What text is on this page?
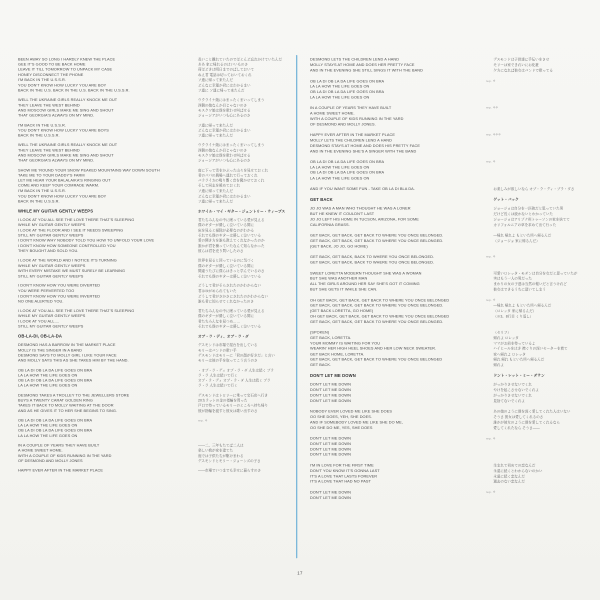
BEEN AWAY SO LONG I HARDLY KNEW THE PLACE
GEE IT'S GOOD TO BE BACK HOME
LEAVE IT TILL TOMORROW TO UNPACK MY CASE
HONEY DISCONNECT THE PHONE
I'M BACK IN THE U.S.S.R.
YOU DON'T KNOW HOW LUCKY YOU ARE BOY
BACK IN THE U.S. BACK IN THE U.S. BACK IN THE U.S.S.R.
長いこと離れていたのでほとんど忘れかけていたんだ
ああ 家に帰れるのはいいものさ
荷ほどきは明日までのばしておいて
ねえ君 電話は切っておいておくれ
ソ連に帰って来たんだ
どんなに幸運か君にはわかるまい
ソ連に ソ連に帰って来たんだ
WELL THE UKRAINE GIRLS REALLY KNOCK ME OUT
THEY LEAVE THE WEST BEHIND
AND MOSCOW GIRLS MAKE ME SING AND SHOUT
THAT GEORGIA'S ALWAYS ON MY MIND.
ウクライナ娘にはまったくまいってしまう
西側の娘なんか目じゃないのさ
モスクワ娘は僕を歌わせ叫ばせる
ジョージアがいつも心にあるのさ
I'M BACK IN THE U.S.S.R.
YOU DON'T KNOW HOW LUCKY YOU ARE BOYS
BACK IN THE U.S.S.R.
ソ連に帰って来たんだ
どんなに幸運か君にはわかるまい
ソ連に帰って来たんだ
WELL THE UKRAINE GIRLS REALLY KNOCK ME OUT
THEY LEAVE THE WEST BEHIND
AND MOSCOW GIRLS MAKE ME SING AND SHOUT
THAT GEORGIA'S ALWAYS ON MY MIND.
ウクライナ娘にはまったくまいってしまう
西側の娘なんか目じゃないのさ
モスクワ娘は僕を歌わせ叫ばせる
ジョージアがいつも心にあるのさ
SHOW ME 'ROUND YOUR SNOW PEAKED MOUNTAINS WAY DOWN SOUTH
TAKE ME TO YOUR DADDY'S FARM
LET ME HEAR YOUR BALALAIKA'S RINGING OUT
COME AND KEEP YOUR COMRADE WARM.
I'M BACK IN THE U.S.S.R.
YOU DON'T KNOW HOW LUCKY YOU ARE BOY
BACK IN THE U.S.S.R.
南に下って雪をかぶった山々を見せておくれ
君のパパの農場へ連れて行っておくれ
バラライカの鳴り響く音を聞かせておくれ
そして同志を暖めておくれ
ソ連に帰って来たんだ
どんなに幸運か君にはわかるまい
ソ連に帰って来たんだ
WHILE MY GUITAR GENTLY WEEPS	ホワイル・マイ・ギター・ジェントリー・ウィープス
I LOOK AT YOU ALL SEE THE LOVE THERE THAT'S SLEEPING
WHILE MY GUITAR GENTLY WEEPS
I LOOK AT THE FLOOR AND I SEE IT NEEDS SWEEPING
STILL MY GUITAR GENTLY WEEPS
I DON'T KNOW WHY NOBODY TOLD YOU HOW TO UNFOLD YOUR LOVE
I DON'T KNOW HOW SOMEONE CONTROLLED YOU
THEY BOUGHT AND SOLD YOU.
君たちみんなの中に眠っている愛が見える
僕のギターが優しく泣いている間に
床を見ると掃除が必要なのがわかる
それでも僕のギターは優しく泣いている
愛の開き方を誰も教えてくれなかったのか
誰かが君を操っていたなんて知らなかった
彼らは君を売り買いしたのさ
I LOOK AT THE WORLD AND I NOTICE IT'S TURNING
WHILE MY GUITAR GENTLY WEEPS
WITH EVERY MISTAKE WE MUST SURELY BE LEARNING
STILL MY GUITAR GENTLY WEEPS
世界を見ると回っているのに気づく
僕のギターが優しく泣いている間に
間違うたびに僕らはきっと学んでいるのさ
それでも僕のギターは優しく泣いている
I DON'T KNOW HOW YOU WERE DIVERTED
YOU WERE PERVERTED TOO
I DON'T KNOW HOW YOU WERE INVERTED
NO ONE ALERTED YOU.
どうして君がそらされたのかわからない
君はゆがめられてもいた
どうして君がさかさにされたのかわからない
誰も君に知らせてくれなかったのさ
I LOOK AT YOU ALL SEE THE LOVE THERE THAT'S SLEEPING
WHILE MY GUITAR GENTLY WEEPS
I LOOK AT YOU ALL....
STILL MY GUITAR GENTLY WEEPS
君たちみんなの中に眠っている愛が見える
僕のギターが優しく泣いている間に
君たちみんなを見つめ……
それでも僕のギターは優しく泣いている
OB-LA-DI, OB-LA-DA	オブ・ラ・ディ、オブ・ラ・ダ
DESMOND HAS A BARROW IN THE MARKET PLACE
MOLLY IS THE SINGER IN A BAND
DESMOND SAYS TO MOLLY GIRL I LIKE YOUR FACE
AND MOLLY SAYS THIS AS SHE TAKES HIM BY THE HAND.
デスモンドは市場で屋台を出している
モリーはバンドの歌い手
デスモンドはモリーに「君の顔が好きだ」と言い
モリーは彼の手を取ってこう言うのさ
OB LA DI OB LA DA LIFE GOES ON BRA
LA LA HOW THE LIFE GOES ON
OB LA DI OB LA DA LIFE GOES ON BRA
LA LA HOW THE LIFE GOES ON
・オブ・ラ・ディ オブ・ラ・ダ 人生は続く ブラ
ラ・ラ 人生は続いて行く
オブ・ラ・ディ オブ・ラ・ダ 人生は続く ブラ
ラ・ラ 人生は続いて行く
DESMOND TAKES A TROLLEY TO THE JEWELLERS STORE
BUYS A TWENTY CARAT GOLDEN RING
TAKES IT BACK TO MOLLY WAITING AT THE DOOR
AND AS HE GIVES IT TO HER SHE BEGINS TO SING.
デスモンドはトロリーに乗って宝石店へ行き
20カラットの金の指輪を買った
戸口で待っているモリーのところへ持ち帰り
彼が指輪を渡すと彼女は歌い出すのさ
OB LA DI OB LA DA LIFE GOES ON BRA
LA LA HOW THE LIFE GOES ON
OB LA DI OB LA DA LIFE GOES ON BRA
LA LA HOW THE LIFE GOES ON
rep. ※
IN A COUPLE OF YEARS THEY HAVE BUILT
A HOME SWEET HOME.
WITH A COUPLE OF KIDS RUNNING IN THE YARD
OF DESMOND AND MOLLY JONES
——二、三年もたてば二人は
楽しい我が家を建てた
庭では子供たちが駆けまわる
デスモンドとモリー・ジョーンズの子さ
HAPPY EVER AFTER IN THE MARKET PLACE	——市場でいつまでも幸せに暮らすのさ
DESMOND LETS THE CHILDREN LEND A HAND
MOLLY STAYS AT HOME AND DOES HER PRETTY FACE
AND IN THE EVENING SHE STILL SINGS IT WITH THE BAND
デスモンドは子供達に手伝いをさせ
モリーは家できれいにお化粧
夕方になれば彼女はバンドで歌ってる
OB LA DI OB LA DA LIFE GOES ON BRA
LA LA HOW THE LIFE GOES ON
OB LA DI OB LA DA LIFE GOES ON BRA
LA LA HOW THE LIFE GOES ON
rep. ※
IN A COUPLE OF YEARS THEY HAVE BUILT
A HOME SWEET HOME.
WITH A COUPLE OF KIDS RUNNING IN THE YARD
OF DESMOND AND MOLLY JONES.
rep. ※※
HAPPY EVER AFTER IN THE MARKET PLACE
MOLLY LETS THE CHILDREN LEND A HAND
DESMOND STAYS AT HOME AND DOES HIS PRETTY FACE
AND IN THE EVENING SHE'S A SINGER WITH THE BAND
rep. ※※※
OB LA DI OB LA DA LIFE GOES ON BRA
LA LA HOW THE LIFE GOES ON
OB LA DI OB LA DA LIFE GOES ON BRA
LA LA HOW THE LIFE GOES ON
rep. ※
AND IF YOU WANT SOME FUN - TAKE OB LA DI BLA DA.	お楽しみが欲しいなら オブ・ラ・ディ・ブラ・ダさ
GET BACK	ゲット・バック
JO JO WAS A MAN WHO THOUGHT HE WAS A LONER
BUT HE KNEW IT COULDN'T LAST
JO JO LEFT HIS HOME IN TUCSON, ARIZONA, FOR SOME
CALIFORNIA GRASS.
ジョージョは自分を一匹狼だと思っていた男
だけど長くは続かないとわかっていた
ジョージョはアリゾナ州トゥーソンの家を捨てて
カリフォルニアの草を求めて出て行った
GET BACK, GET BACK, GET BACK TO WHERE YOU ONCE BELONGED.
GET BACK, GET BACK, GET BACK TO WHERE YOU ONCE BELONGED.
(GET BACK, JO JO, GO HOME)
—帰れ 帰れよ もといた所へ帰るんだ
（ジョージョ 家に帰るんだ）
GET BACK, GET BACK, BACK TO WHERE YOU ONCE BELONGED.
GET BACK, GET BACK, BACK TO WHERE YOU ONCE BELONGED.
rep. ※
SWEET LORETTA MODERN THOUGHT SHE WAS A WOMAN
BUT SHE WAS ANOTHER MAN
ALL THE GIRLS AROUND HER SAY SHE'S GOT IT COMING
BUT SHE GETS IT WHILE SHE CAN.
可愛いロレッタ・モダンは自分を女だと思っていたが
実はもう一人の男だった
まわりの女の子達は当然の報いだと言うけれど
彼女はできるうちに頂いてしまう
OH GET BACK, GET BACK, GET BACK TO WHERE YOU ONCE BELONGED
GET BACK, GET BACK, GET BACK TO WHERE YOU ONCE BELONGED.
(GET BACK LORETTA, GO HOME)
OH GET BACK, GET BACK, GET BACK TO WHERE YOU ONCE BELONGED
GET BACK, GET BACK, GET BACK TO WHERE YOU ONCE BELONGED.
rep. ※
—帰れ 帰れよ もといた所へ帰るんだ
（ロレッタ 家に帰るんだ）
（※3、8行目 くり返し）
(SPOKEN)
GET BACK, LORETTA.
YOUR MOMMY IS WAITING FOR YOU
WEARIN' HER HIGH HEEL SHOES AND HER LOW NECK SWEATER.
GET BACK HOME, LORETTA.
GET BACK, GET BACK, GET BACK TO WHERE YOU ONCE BELONGED
GET BACK.
（セリフ）
帰れよ ロレッタ
ママがお前を待っているよ
ハイヒールをはき 襟ぐりの深いセーターを着て
家へ帰れよ ロレッタ
帰れ 帰れ もといた所へ帰るんだ
帰れよ
DON'T LET ME DOWN	ドント・レット・ミー・ダウン
DON'T LET ME DOWN
DON'T LET ME DOWN
DON'T LET ME DOWN
DON'T LET ME DOWN
がっかりさせないでくれ
やけを起こさせないでくれよ
がっかりさせないでくれ
見捨てないでくれよ
NOBODY EVER LOVED ME LIKE SHE DOES
OO SHE DOES, YEH, SHE DOES.
AND IF SOMEBODY LOVED ME LIKE SHE DO ME,
OO SHE DO ME, YES, SHE DOES
あの娘のように僕を深く愛してくれた人はいない
そうさ 彼女は愛してくれるのさ
誰かが彼女のように僕を愛してくれるなら
愛してくれたなら そうさ——
DON'T LET ME DOWN
DON'T LET ME DOWN
DON'T LET ME DOWN
DON'T LET ME DOWN
rep. ※
I'M IN LOVE FOR THE FIRST TIME
DON'T YOU KNOW IT'S GONNA LAST
IT'S A LOVE THAT LASTS FOREVER
IT'S A LOVE THAT HAD NO PAST
生まれて初めての恋なんだ
永遠に続くとわからないのかい
永遠に続く恋なんだ
過去のない恋なんだ
DON'T LET ME DOWN
DON'T LET ME DOWN
rep. ※
17
